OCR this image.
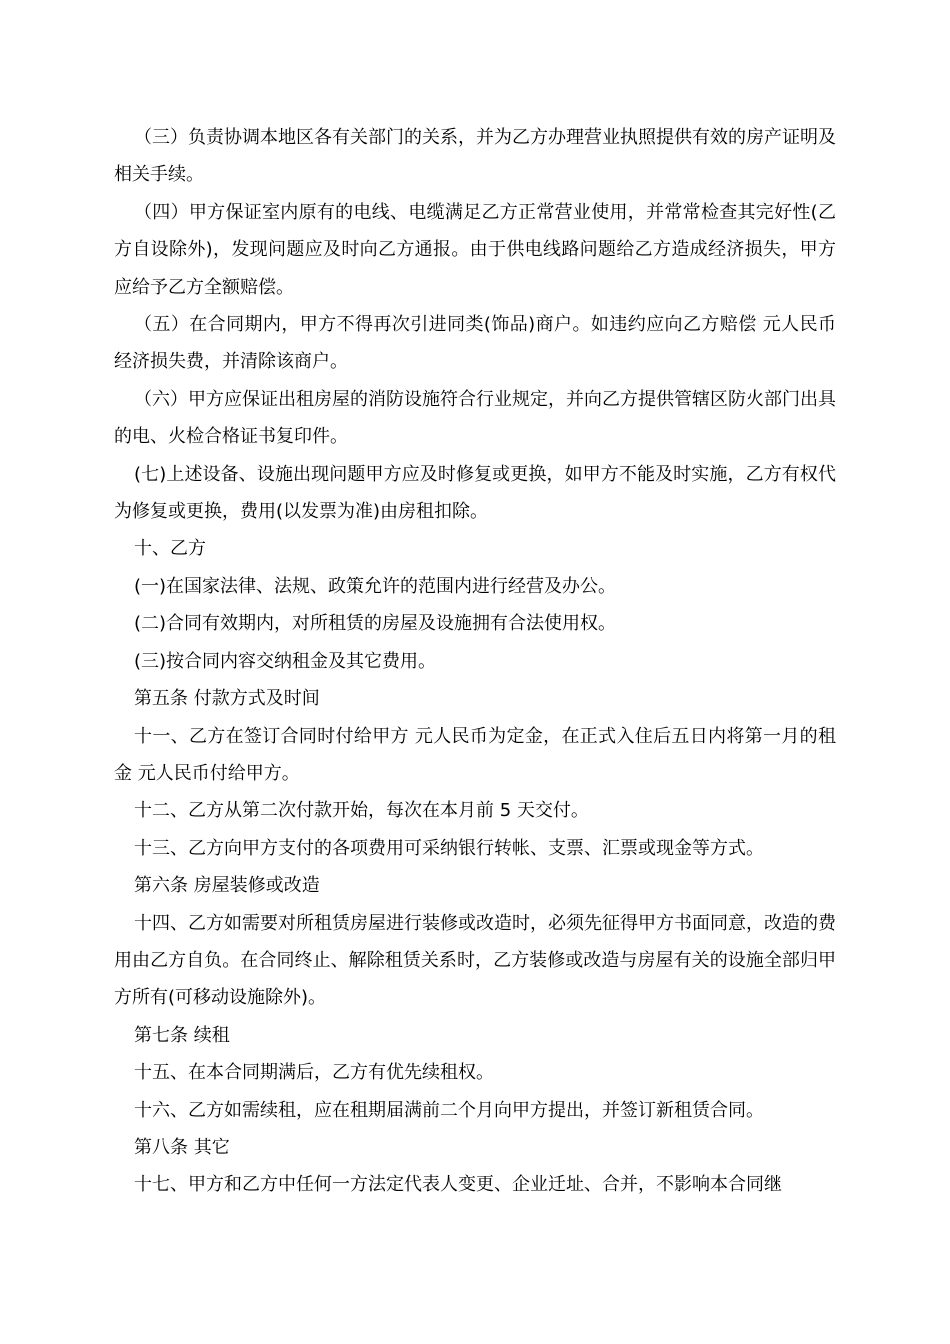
（三）负责协调本地区各有关部门的关系，并为乙方办理营业执照提供有效的房产证明及相关手续。

（四）甲方保证室内原有的电线、电缆满足乙方正常营业使用，并常常检查其完好性(乙方自设除外)，发现问题应及时向乙方通报。由于供电线路问题给乙方造成经济损失，甲方应给予乙方全额赔偿。

（五）在合同期内，甲方不得再次引进同类(饰品)商户。如违约应向乙方赔偿 元人民币经济损失费，并清除该商户。

（六）甲方应保证出租房屋的消防设施符合行业规定，并向乙方提供管辖区防火部门出具的电、火检合格证书复印件。

(七)上述设备、设施出现问题甲方应及时修复或更换，如甲方不能及时实施，乙方有权代为修复或更换，费用(以发票为准)由房租扣除。

十、乙方

(一)在国家法律、法规、政策允许的范围内进行经营及办公。

(二)合同有效期内，对所租赁的房屋及设施拥有合法使用权。

(三)按合同内容交纳租金及其它费用。

第五条 付款方式及时间

十一、乙方在签订合同时付给甲方 元人民币为定金，在正式入住后五日内将第一月的租金 元人民币付给甲方。

十二、乙方从第二次付款开始，每次在本月前 5 天交付。

十三、乙方向甲方支付的各项费用可采纳银行转帐、支票、汇票或现金等方式。

第六条 房屋装修或改造

十四、乙方如需要对所租赁房屋进行装修或改造时，必须先征得甲方书面同意，改造的费用由乙方自负。在合同终止、解除租赁关系时，乙方装修或改造与房屋有关的设施全部归甲方所有(可移动设施除外)。

第七条 续租

十五、在本合同期满后，乙方有优先续租权。

十六、乙方如需续租，应在租期届满前二个月向甲方提出，并签订新租赁合同。

第八条 其它

十七、甲方和乙方中任何一方法定代表人变更、企业迁址、合并，不影响本合同继
